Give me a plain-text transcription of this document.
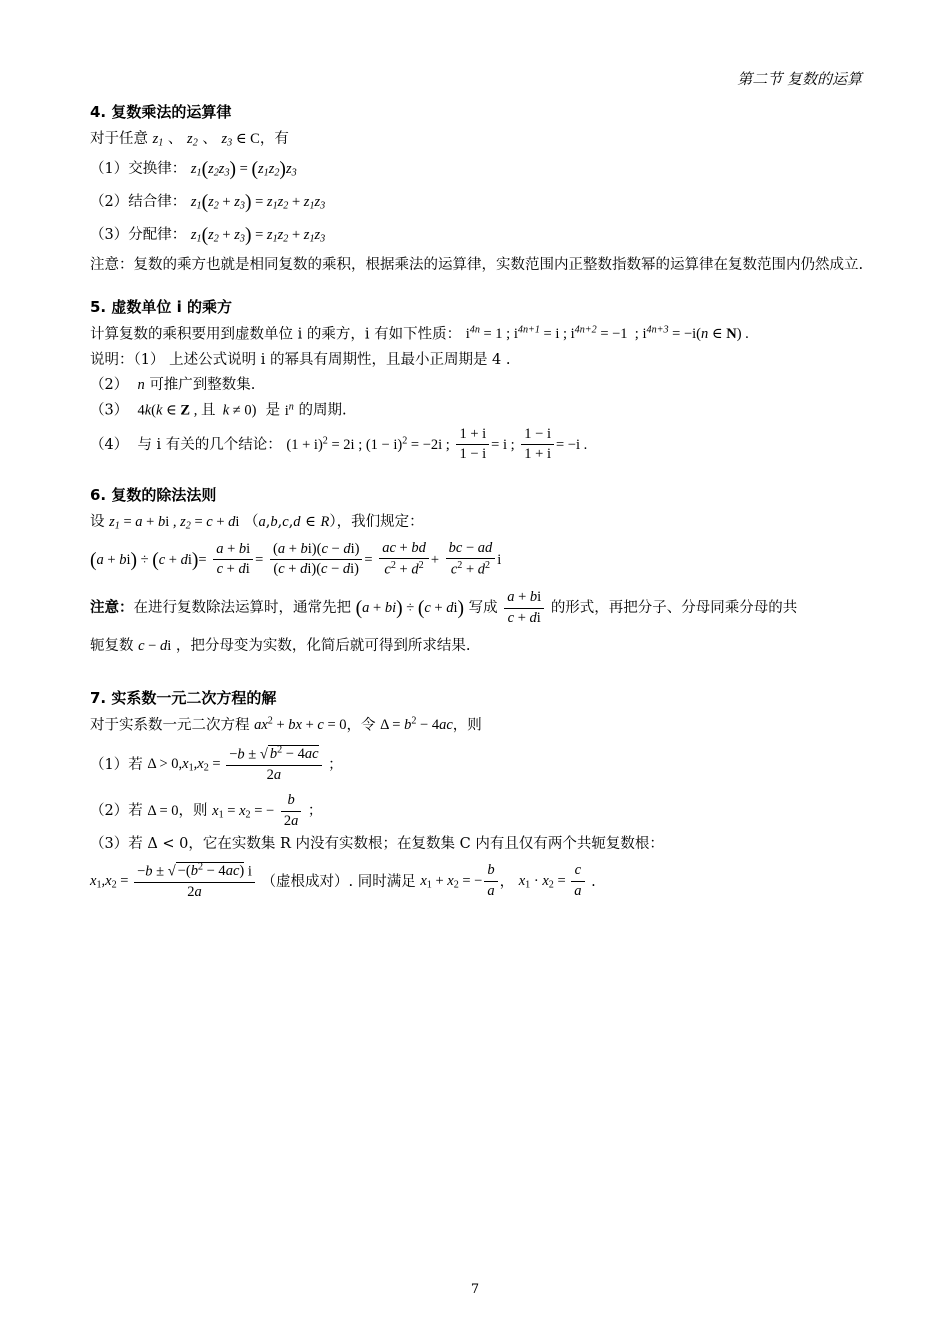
第二节 复数的运算
4. 复数乘法的运算律
对于任意 $z_1$ 、 $z_2$ 、 $z_3$ ∈ C，有
（1）交换律： $z_1(z_2z_3) = (z_1z_2)z_3$
（2）结合律： $z_1(z_2 + z_3) = z_1z_2 + z_1z_3$
（3）分配律： $z_1(z_2 + z_3) = z_1z_2 + z_1z_3$
注意：复数的乘方也就是相同复数的乘积，根据乘法的运算律，实数范围内正整数指数幂的运算律在复数范围内仍然成立.
5. 虚数单位 i 的乘方
计算复数的乘积要用到虚数单位 i 的乘方，i 有如下性质： $i^{4n} = 1$ ; $i^{4n+1} = i$ ; $i^{4n+2} = -1$  ; $i^{4n+3} = -i(n$ ∈ N) .
说明：（1） 上述公式说明 i 的幂具有周期性，且最小正周期是 4 .
（2） n 可推广到整数集.
（3） 4k(k ∈ Z , 且  k ≠ 0) 是 $i^n$ 的周期.
（4） 与 i 有关的几个结论： $(1 + i)^2 = 2i$ ; $(1 - i)^2 = -2i$ ; $\frac{1 + i}{1 - i} = i$ ; $\frac{1 - i}{1 + i} = -i$ .
6. 复数的除法法则
设 $z_1 = a$ + bi , $z_2 = c$ + di （a,b,c,d ∈ R），我们规定：
$(a + bi) \div (c + di)= \frac{a + bi}{c + di} = \frac{(a + bi)(c - di)}{(c + di)(c - di)} = \frac{ac + bd}{c^2 + d^2} + \frac{bc - ad}{c^2 + d^2}$ i
注意：在进行复数除法运算时，通常先把 (a + bi) ÷ (c + di) 写成 $\frac{a + bi}{c + di}$ 的形式，再把分子、分母同乘分母的共
轭复数 c − di ，把分母变为实数，化简后就可得到所求结果.
7. 实系数一元二次方程的解
对于实系数一元二次方程 $ax^2$ + bx + c = 0，令 $\Delta = b^2 - 4ac$，则
（1）若 $\Delta > 0,x_1,x_2 = \frac{-b \pm √ b^2 - 4ac}{2a}$ ；
（2）若 Δ = 0，则 $x_1 = x_2$ = − $\frac{b}{2a}$ ；
（3）若 Δ < 0，它在实数集 R 内没有实数根；在复数集 C 内有且仅有两个共轭复数根：
$x_1,x_2 = \frac{-b \pm √ -(b^2 - 4ac) i}{2a}$ （虚根成对）. 同时满足 $x_1 + x_2$ = − $\frac{b}{a}$ ， $x_1 \cdot x_2 = \frac{c}{a}$ .
7
